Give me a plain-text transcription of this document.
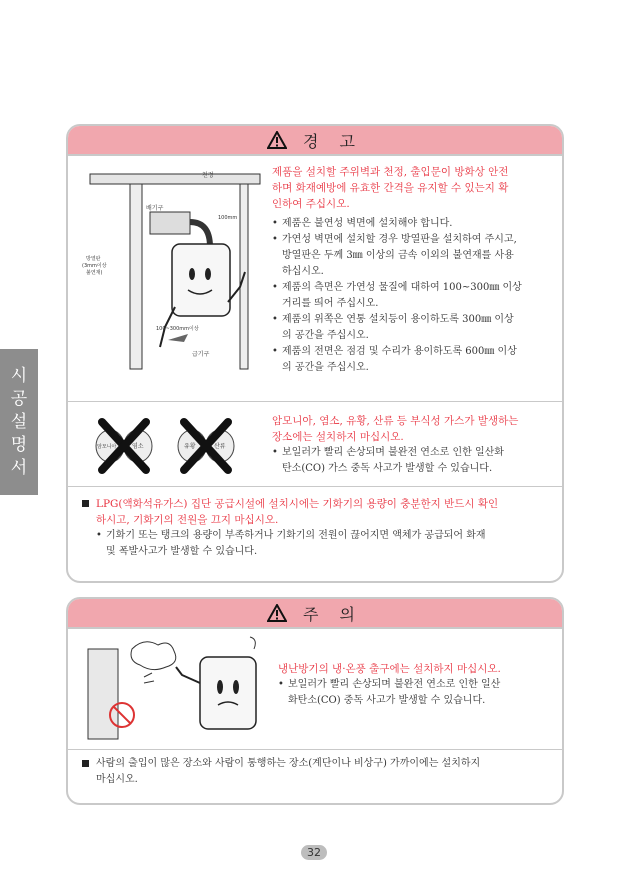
시
공
설
명
서
경 고
천정
배기구
100mm
방열판
(3mm이상
불연재)
100~300mm이상
급기구
제품을 설치할 주위벽과 천정, 출입문이 방화상 안전
하며 화재예방에 유효한 간격을 유지할 수 있는지 확
인하여 주십시오.
• 제품은 불연성 벽면에 설치해야 합니다.
• 가연성 벽면에 설치할 경우 방열판을 설치하여 주시고,
방열판은 두께 3㎜ 이상의 금속 이외의 불연재를 사용
하십시오.
• 제품의 측면은 가연성 물질에 대하여 100~300㎜ 이상
거리를 띄어 주십시오.
• 제품의 위쪽은 연통 설치등이 용이하도록 300㎜ 이상
의 공간을 주십시오.
• 제품의 전면은 점검 및 수리가 용이하도록 600㎜ 이상
의 공간을 주십시오.
암모니아	염소	유황	산류
암모니아, 염소, 유황, 산류 등 부식성 가스가 발생하는
장소에는 설치하지 마십시오.
• 보일러가 빨리 손상되며 불완전 연소로 인한 일산화
탄소(CO) 가스 중독 사고가 발생할 수 있습니다.
LPG(액화석유가스) 집단 공급시설에 설치시에는 기화기의 용량이 충분한지 반드시 확인
하시고, 기화기의 전원을 끄지 마십시오.
• 기화기 또는 탱크의 용량이 부족하거나 기화기의 전원이 끊어지면 액체가 공급되어 화재
및 폭발사고가 발생할 수 있습니다.
주 의
냉난방기의 냉·온풍 출구에는 설치하지 마십시오.
• 보일러가 빨리 손상되며 불완전 연소로 인한 일산
화탄소(CO) 중독 사고가 발생할 수 있습니다.
사람의 출입이 많은 장소와 사람이 통행하는 장소(계단이나 비상구) 가까이에는 설치하지
마십시오.
32
